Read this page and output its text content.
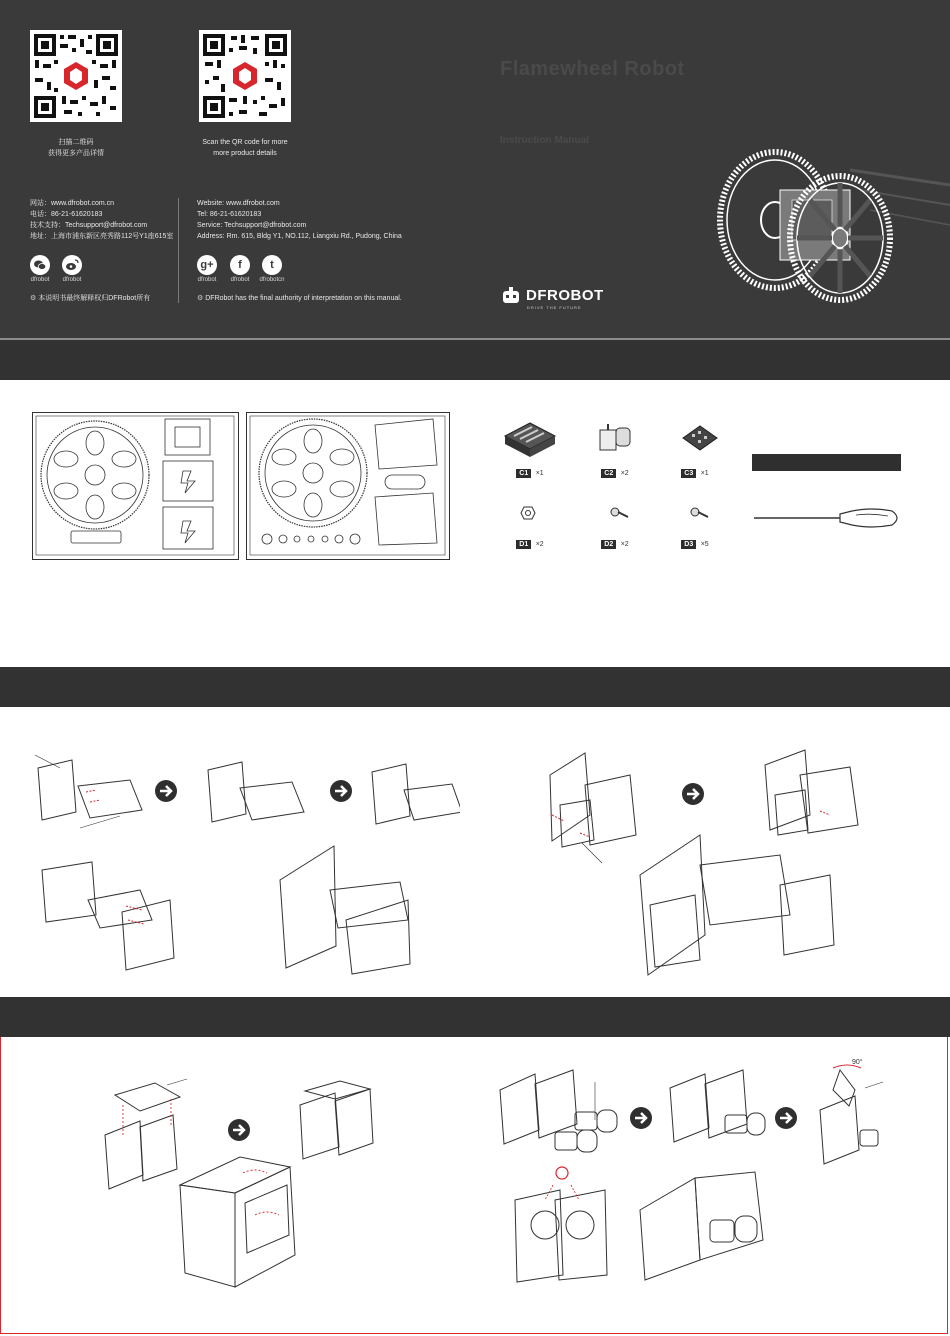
扫描二维码
获得更多产品详情
Scan the QR code for more
more product details
Flamewheel Robot
Instruction Manual
网站：www.dfrobot.com.cn
电话：86-21-61620183
技术支持：Techsupport@dfrobot.com
地址：上海市浦东新区亮秀路112号Y1座615室
Website: www.dfrobot.com
Tel: 86-21-61620183
Service: Techsupport@dfrobot.com
Address: Rm. 615, Bldg Y1, NO.112, Liangxiu Rd., Pudong, China
dfrobot	dfrobot
g+	f	t
dfrobot	dfrobot	dfrobotcn
⚙ 本说明书最终解释权归DFRobot所有	⚙ DFRobot has the final authority of interpretation on this manual.	DFROBOT
DRIVE THE FUTURE
C1 ×1	C2 ×2	C3 ×1
D1 ×2	D2 ×2	D3 ×5
90°
